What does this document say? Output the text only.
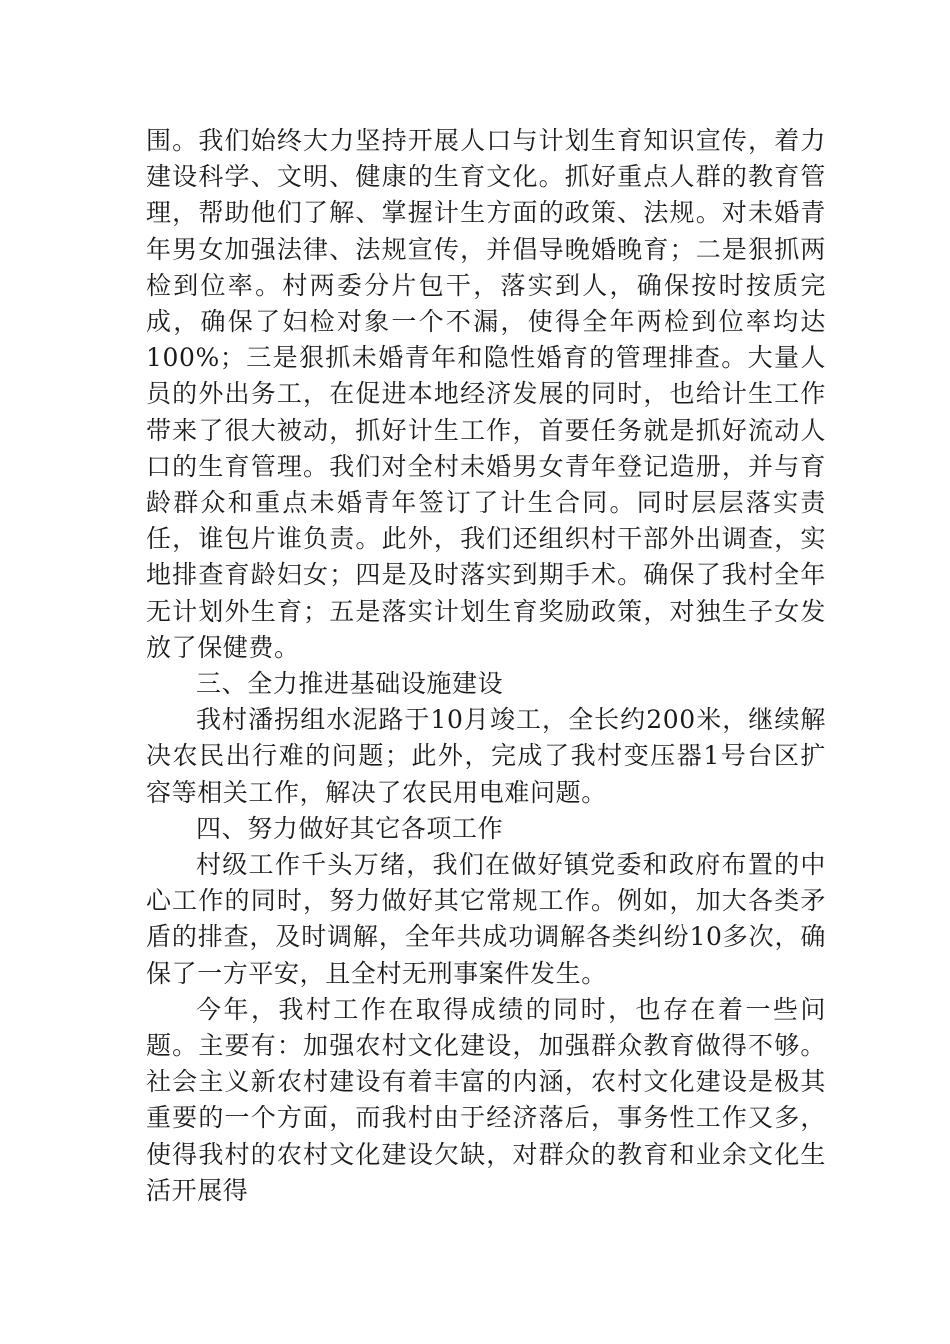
围。我们始终大力坚持开展人口与计划生育知识宣传，着力建设科学、文明、健康的生育文化。抓好重点人群的教育管理，帮助他们了解、掌握计生方面的政策、法规。对未婚青年男女加强法律、法规宣传，并倡导晚婚晚育；二是狠抓两检到位率。村两委分片包干，落实到人，确保按时按质完成，确保了妇检对象一个不漏，使得全年两检到位率均达100%；三是狠抓未婚青年和隐性婚育的管理排查。大量人员的外出务工，在促进本地经济发展的同时，也给计生工作带来了很大被动，抓好计生工作，首要任务就是抓好流动人口的生育管理。我们对全村未婚男女青年登记造册，并与育龄群众和重点未婚青年签订了计生合同。同时层层落实责任，谁包片谁负责。此外，我们还组织村干部外出调查，实地排查育龄妇女；四是及时落实到期手术。确保了我村全年无计划外生育；五是落实计划生育奖励政策，对独生子女发放了保健费。

三、全力推进基础设施建设

我村潘拐组水泥路于10月竣工，全长约200米，继续解决农民出行难的问题；此外，完成了我村变压器1号台区扩容等相关工作，解决了农民用电难问题。

四、努力做好其它各项工作

村级工作千头万绪，我们在做好镇党委和政府布置的中心工作的同时，努力做好其它常规工作。例如，加大各类矛盾的排查，及时调解，全年共成功调解各类纠纷10多次，确保了一方平安，且全村无刑事案件发生。

今年，我村工作在取得成绩的同时，也存在着一些问题。主要有：加强农村文化建设，加强群众教育做得不够。社会主义新农村建设有着丰富的内涵，农村文化建设是极其重要的一个方面，而我村由于经济落后，事务性工作又多，使得我村的农村文化建设欠缺，对群众的教育和业余文化生活开展得
